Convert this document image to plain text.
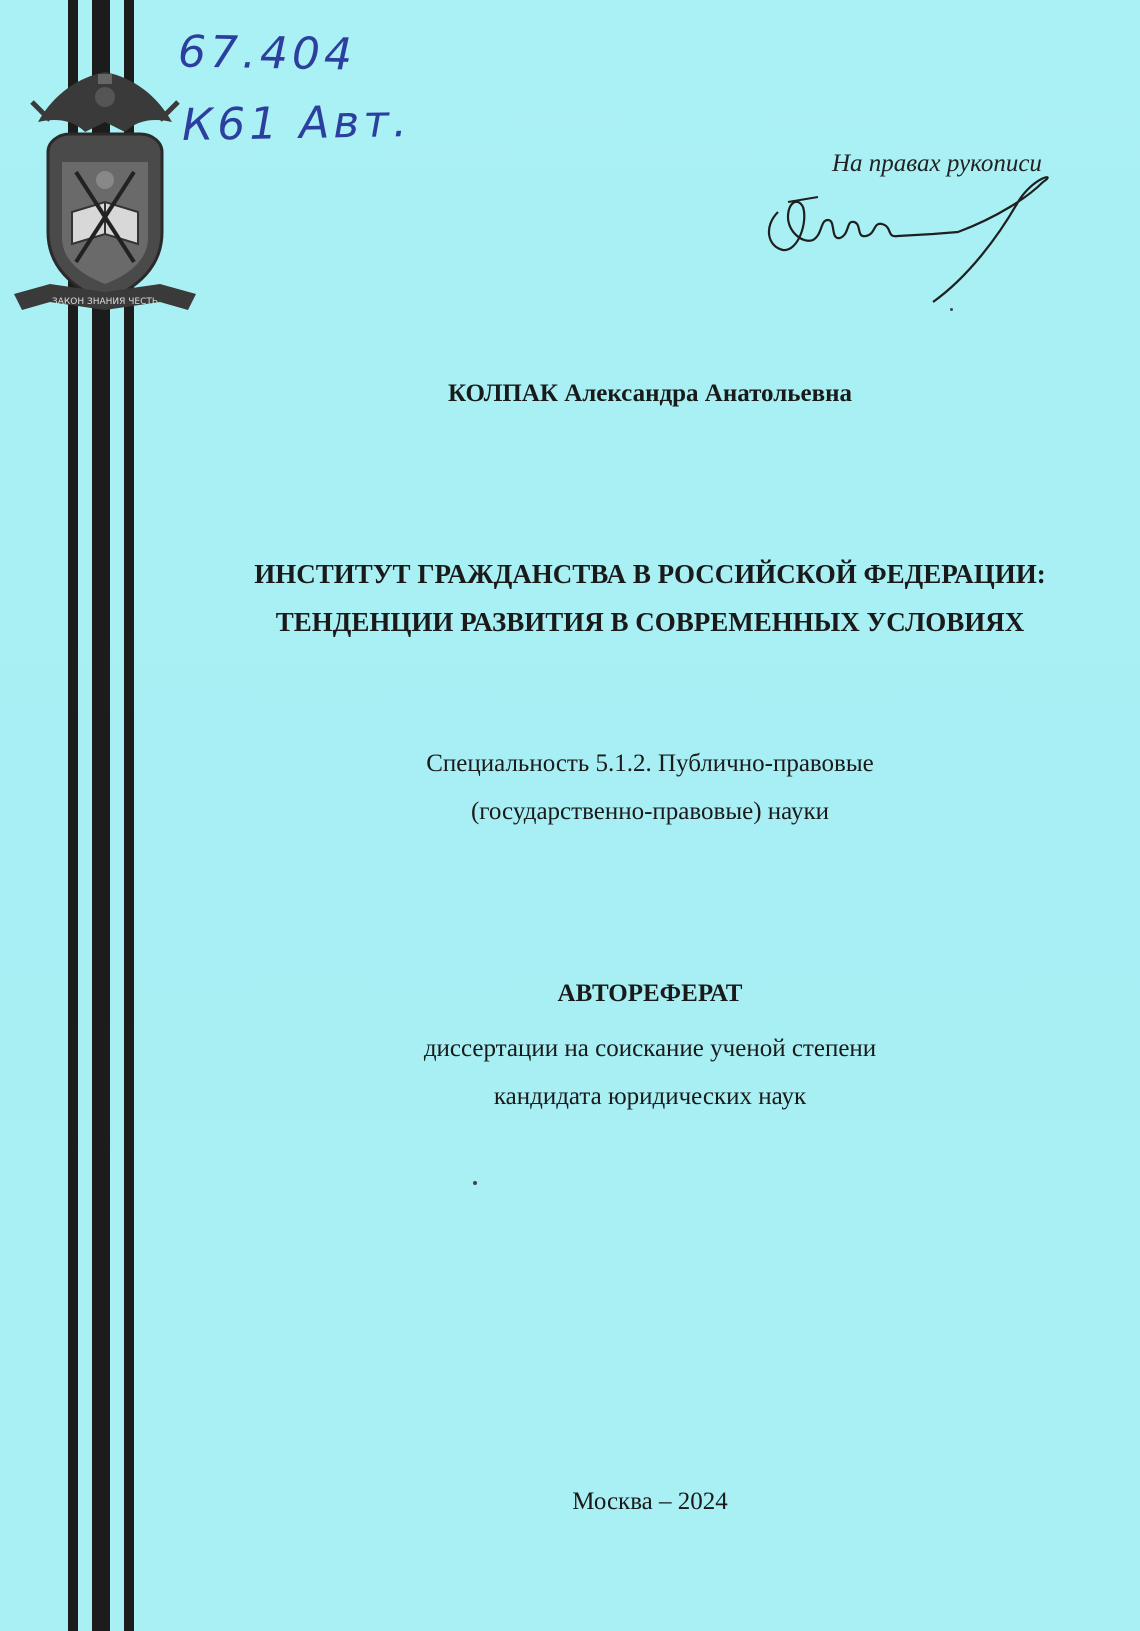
ЗАКОН ЗНАНИЯ ЧЕСТЬ
67.404
К61 Авт.
На правах рукописи
КОЛПАК Александра Анатольевна
ИНСТИТУТ ГРАЖДАНСТВА В РОССИЙСКОЙ ФЕДЕРАЦИИ:
ТЕНДЕНЦИИ РАЗВИТИЯ В СОВРЕМЕННЫХ УСЛОВИЯХ
Специальность 5.1.2. Публично-правовые
(государственно-правовые) науки
АВТОРЕФЕРАТ
диссертации на соискание ученой степени
кандидата юридических наук
Москва – 2024
